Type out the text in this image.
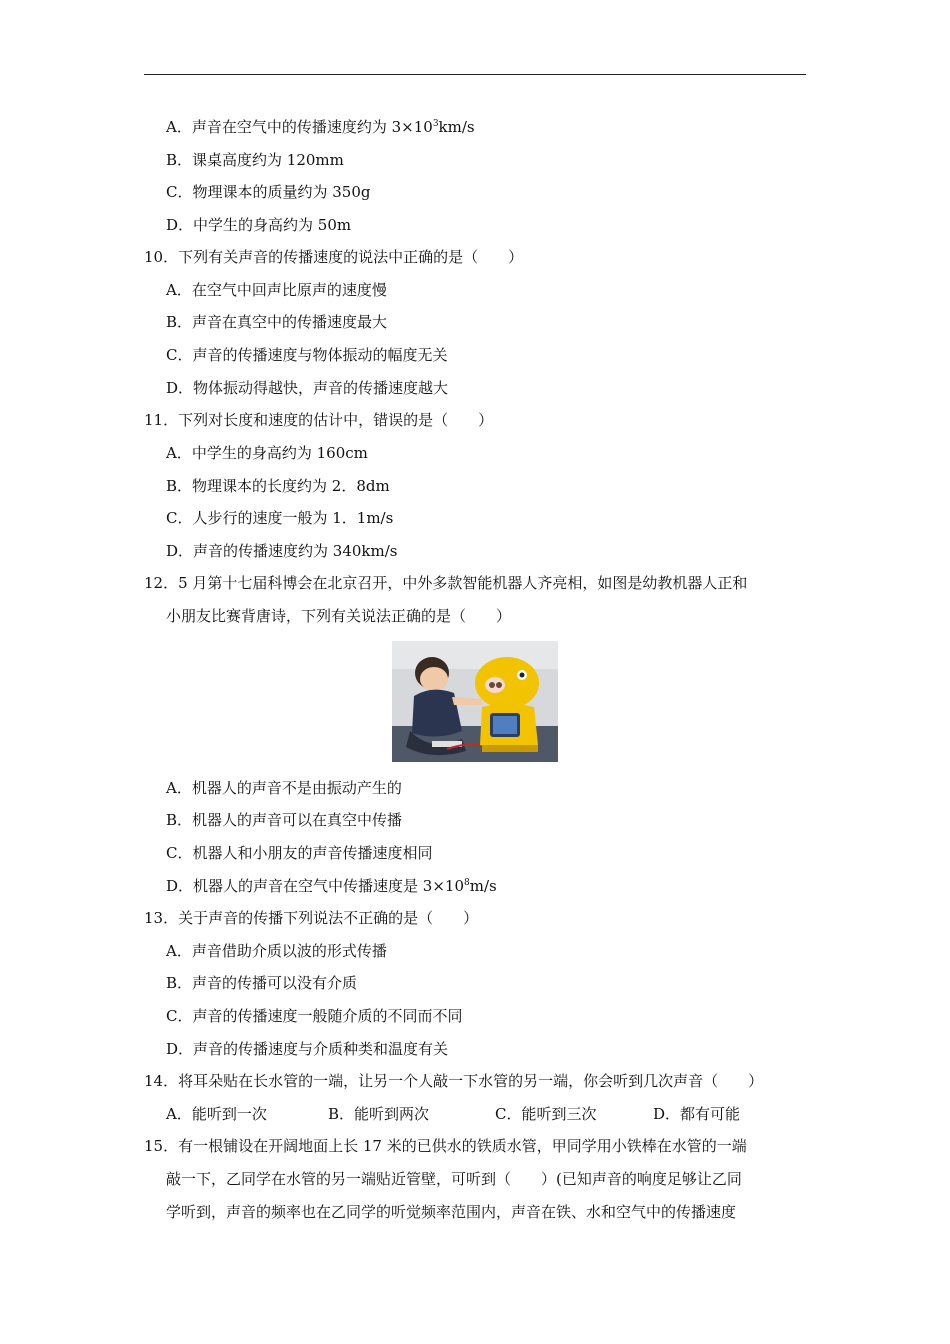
A．声音在空气中的传播速度约为 $3\times 10^3km/s$
B．课桌高度约为 120mm
C．物理课本的质量约为 350g
D．中学生的身高约为 50m
10．下列有关声音的传播速度的说法中正确的是（　　）
A．在空气中回声比原声的速度慢
B．声音在真空中的传播速度最大
C．声音的传播速度与物体振动的幅度无关
D．物体振动得越快，声音的传播速度越大
11．下列对长度和速度的估计中，错误的是（　　）
A．中学生的身高约为 160cm
B．物理课本的长度约为 2．8dm
C．人步行的速度一般为 1．1m/s
D．声音的传播速度约为 340km/s
12．5 月第十七届科博会在北京召开，中外多款智能机器人齐亮相，如图是幼教机器人正和
小朋友比赛背唐诗，下列有关说法正确的是（　　）
A．机器人的声音不是由振动产生的
B．机器人的声音可以在真空中传播
C．机器人和小朋友的声音传播速度相同
D．机器人的声音在空气中传播速度是 $3\times 10^8m/s$
13．关于声音的传播下列说法不正确的是（　　）
A．声音借助介质以波的形式传播
B．声音的传播可以没有介质
C．声音的传播速度一般随介质的不同而不同
D．声音的传播速度与介质种类和温度有关
14．将耳朵贴在长水管的一端，让另一个人敲一下水管的另一端，你会听到几次声音（　　）
A．能听到一次	B．能听到两次	C．能听到三次	D．都有可能
15．有一根铺设在开阔地面上长 17 米的已供水的铁质水管，甲同学用小铁棒在水管的一端
敲一下，乙同学在水管的另一端贴近管壁，可听到（　　）(已知声音的响度足够让乙同
学听到，声音的频率也在乙同学的听觉频率范围内，声音在铁、水和空气中的传播速度
